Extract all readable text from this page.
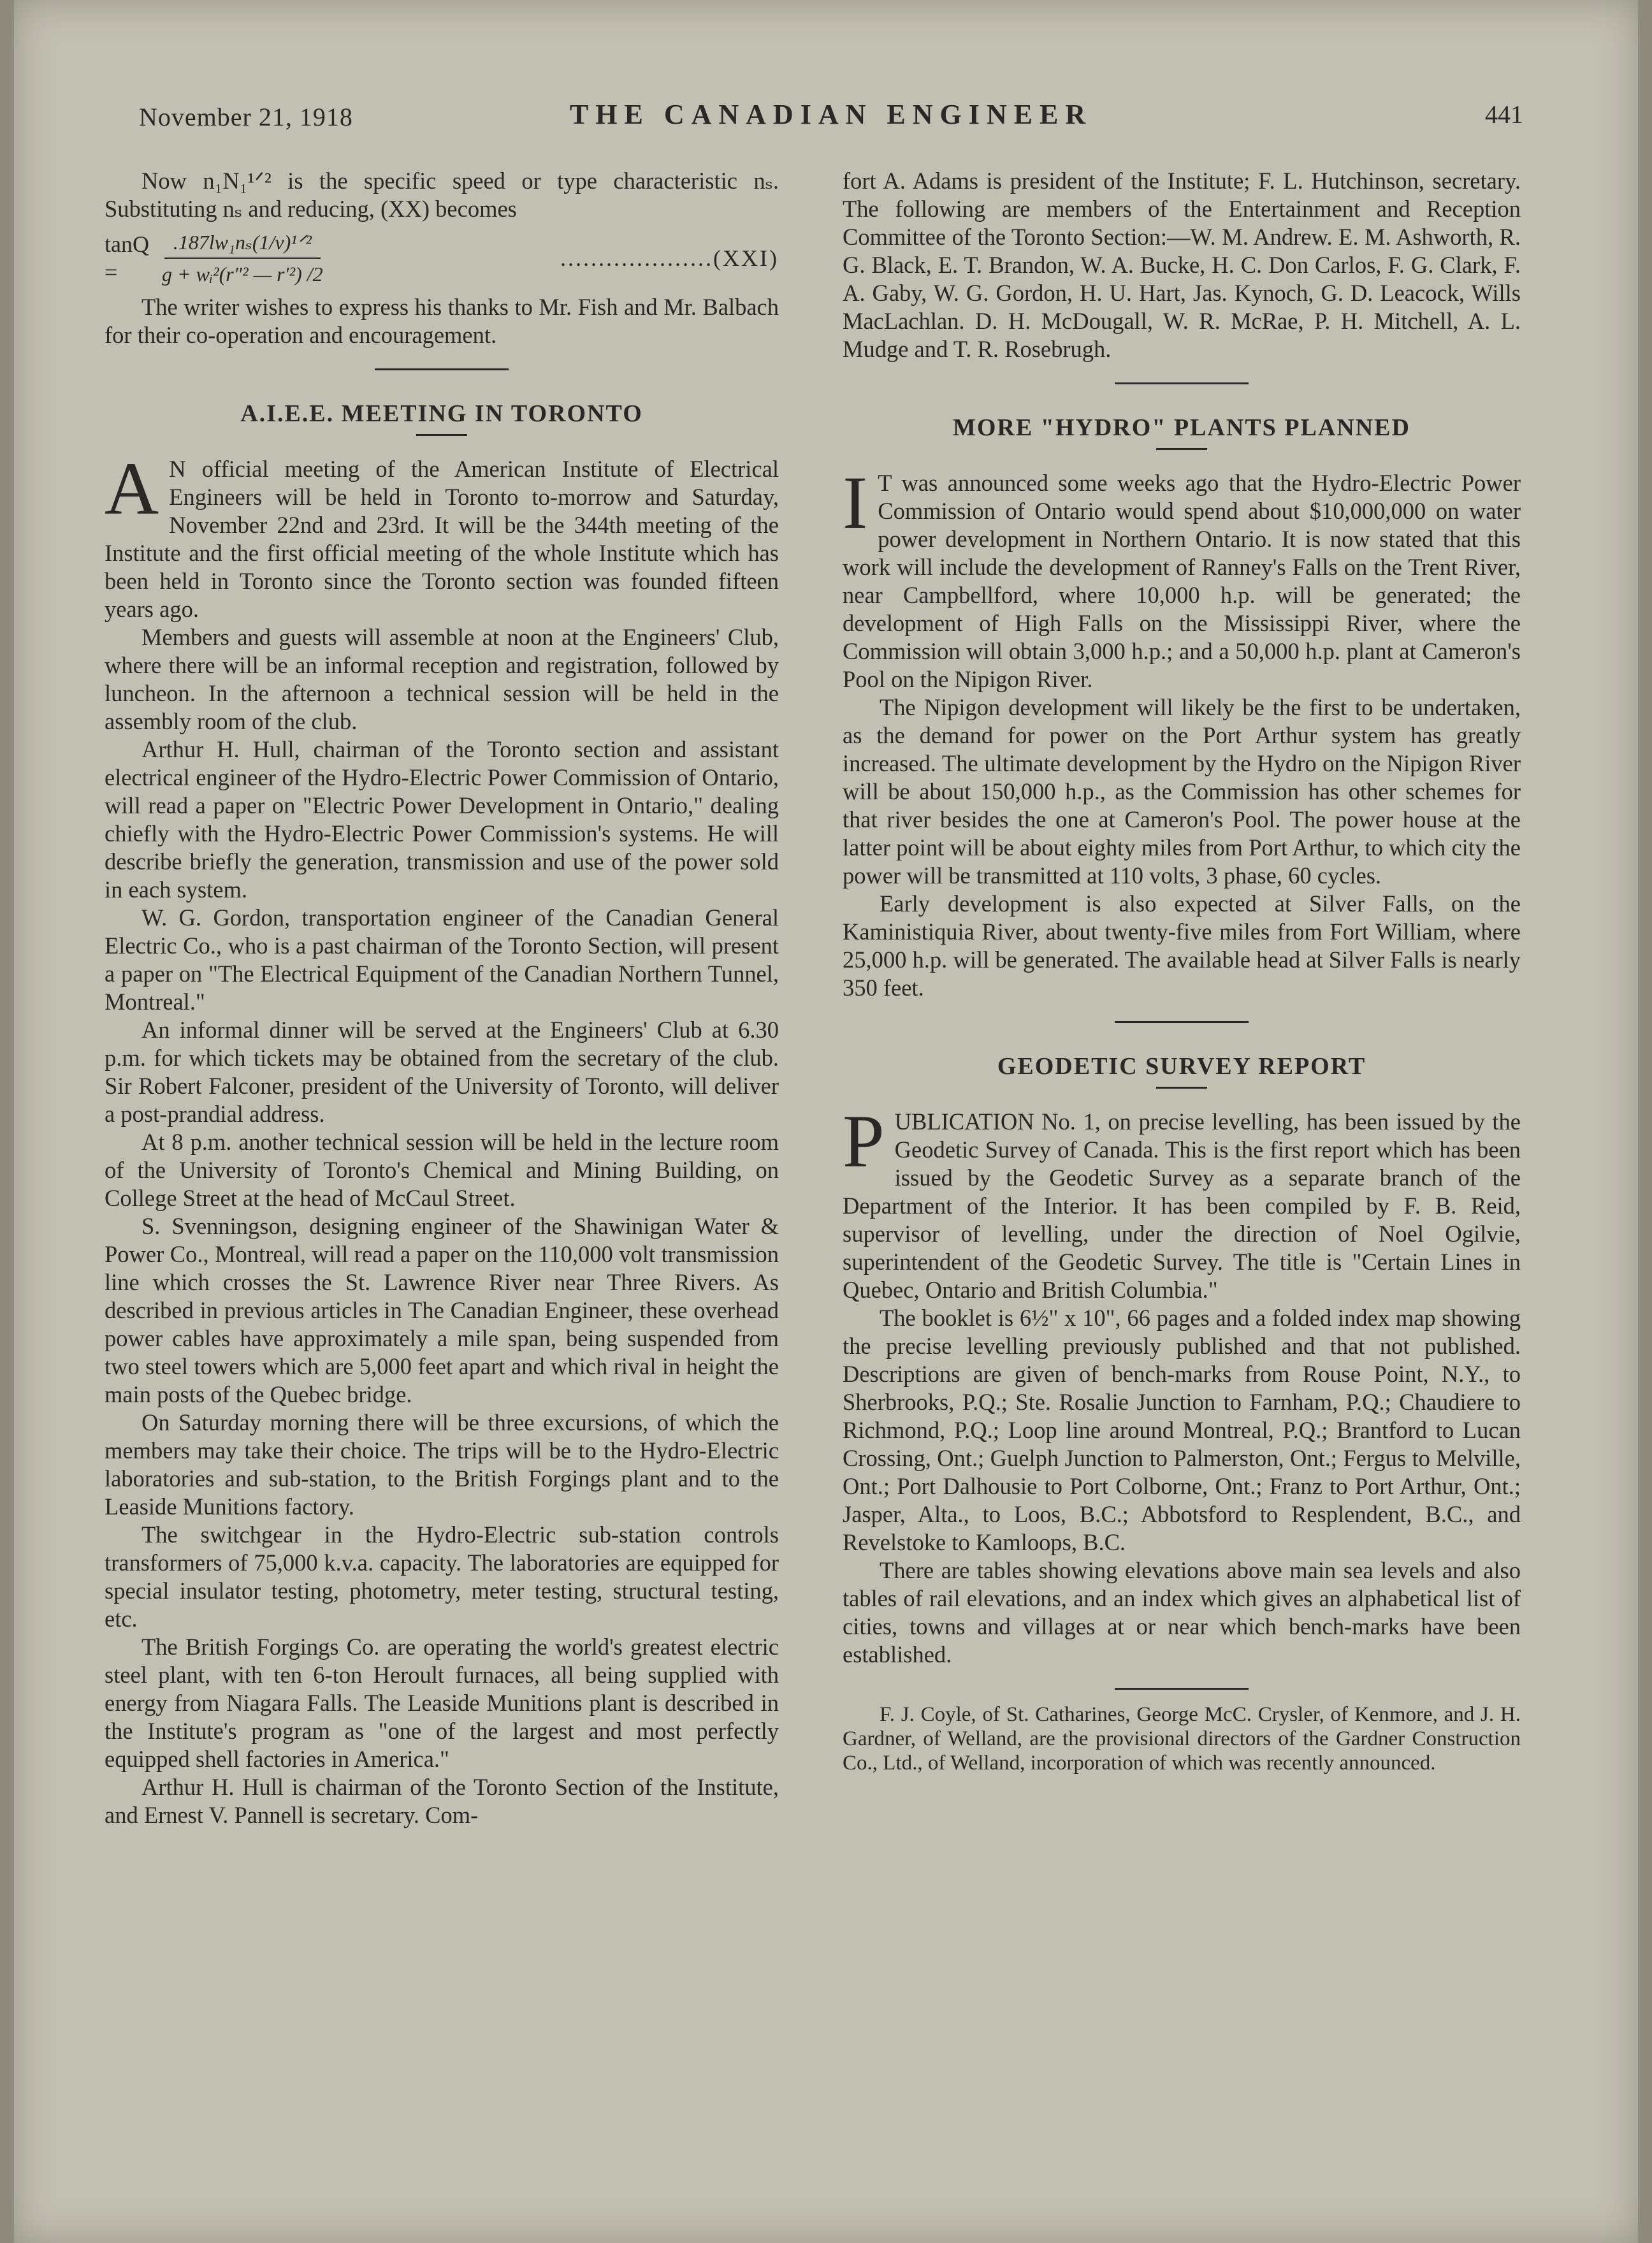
November 21, 1918	THE CANADIAN ENGINEER	441

Now n₁N₁¹ᐟ² is the specific speed or type characteristic nₛ. Substituting nₛ and reducing, (XX) becomes

tanQ =	$\frac{\text{.187lw₁nₛ(1/v)¹ᐟ²}}{\text{g + wᵢ²(r″² — r′²) /2}}$	....................(XXI)

The writer wishes to express his thanks to Mr. Fish and Mr. Balbach for their co-operation and encouragement.

A.I.E.E. MEETING IN TORONTO

AN official meeting of the American Institute of Electrical Engineers will be held in Toronto to-morrow and Saturday, November 22nd and 23rd. It will be the 344th meeting of the Institute and the first official meeting of the whole Institute which has been held in Toronto since the Toronto section was founded fifteen years ago.

Members and guests will assemble at noon at the Engineers' Club, where there will be an informal reception and registration, followed by luncheon. In the afternoon a technical session will be held in the assembly room of the club.

Arthur H. Hull, chairman of the Toronto section and assistant electrical engineer of the Hydro-Electric Power Commission of Ontario, will read a paper on "Electric Power Development in Ontario," dealing chiefly with the Hydro-Electric Power Commission's systems. He will describe briefly the generation, transmission and use of the power sold in each system.

W. G. Gordon, transportation engineer of the Canadian General Electric Co., who is a past chairman of the Toronto Section, will present a paper on "The Electrical Equipment of the Canadian Northern Tunnel, Montreal."

An informal dinner will be served at the Engineers' Club at 6.30 p.m. for which tickets may be obtained from the secretary of the club. Sir Robert Falconer, president of the University of Toronto, will deliver a post-prandial address.

At 8 p.m. another technical session will be held in the lecture room of the University of Toronto's Chemical and Mining Building, on College Street at the head of McCaul Street.

S. Svenningson, designing engineer of the Shawinigan Water & Power Co., Montreal, will read a paper on the 110,000 volt transmission line which crosses the St. Lawrence River near Three Rivers. As described in previous articles in The Canadian Engineer, these overhead power cables have approximately a mile span, being suspended from two steel towers which are 5,000 feet apart and which rival in height the main posts of the Quebec bridge.

On Saturday morning there will be three excursions, of which the members may take their choice. The trips will be to the Hydro-Electric laboratories and sub-station, to the British Forgings plant and to the Leaside Munitions factory.

The switchgear in the Hydro-Electric sub-station controls transformers of 75,000 k.v.a. capacity. The laboratories are equipped for special insulator testing, photometry, meter testing, structural testing, etc.

The British Forgings Co. are operating the world's greatest electric steel plant, with ten 6-ton Heroult furnaces, all being supplied with energy from Niagara Falls. The Leaside Munitions plant is described in the Institute's program as "one of the largest and most perfectly equipped shell factories in America."

Arthur H. Hull is chairman of the Toronto Section of the Institute, and Ernest V. Pannell is secretary. Com-

fort A. Adams is president of the Institute; F. L. Hutchinson, secretary. The following are members of the Entertainment and Reception Committee of the Toronto Section:—W. M. Andrew. E. M. Ashworth, R. G. Black, E. T. Brandon, W. A. Bucke, H. C. Don Carlos, F. G. Clark, F. A. Gaby, W. G. Gordon, H. U. Hart, Jas. Kynoch, G. D. Leacock, Wills MacLachlan. D. H. McDougall, W. R. McRae, P. H. Mitchell, A. L. Mudge and T. R. Rosebrugh.

MORE "HYDRO" PLANTS PLANNED

IT was announced some weeks ago that the Hydro-Electric Power Commission of Ontario would spend about $10,000,000 on water power development in Northern Ontario. It is now stated that this work will include the development of Ranney's Falls on the Trent River, near Campbellford, where 10,000 h.p. will be generated; the development of High Falls on the Mississippi River, where the Commission will obtain 3,000 h.p.; and a 50,000 h.p. plant at Cameron's Pool on the Nipigon River.

The Nipigon development will likely be the first to be undertaken, as the demand for power on the Port Arthur system has greatly increased. The ultimate development by the Hydro on the Nipigon River will be about 150,000 h.p., as the Commission has other schemes for that river besides the one at Cameron's Pool. The power house at the latter point will be about eighty miles from Port Arthur, to which city the power will be transmitted at 110 volts, 3 phase, 60 cycles.

Early development is also expected at Silver Falls, on the Kaministiquia River, about twenty-five miles from Fort William, where 25,000 h.p. will be generated. The available head at Silver Falls is nearly 350 feet.

GEODETIC SURVEY REPORT

PUBLICATION No. 1, on precise levelling, has been issued by the Geodetic Survey of Canada. This is the first report which has been issued by the Geodetic Survey as a separate branch of the Department of the Interior. It has been compiled by F. B. Reid, supervisor of levelling, under the direction of Noel Ogilvie, superintendent of the Geodetic Survey. The title is "Certain Lines in Quebec, Ontario and British Columbia."

The booklet is 6½" x 10", 66 pages and a folded index map showing the precise levelling previously published and that not published. Descriptions are given of bench-marks from Rouse Point, N.Y., to Sherbrooks, P.Q.; Ste. Rosalie Junction to Farnham, P.Q.; Chaudiere to Richmond, P.Q.; Loop line around Montreal, P.Q.; Brantford to Lucan Crossing, Ont.; Guelph Junction to Palmerston, Ont.; Fergus to Melville, Ont.; Port Dalhousie to Port Colborne, Ont.; Franz to Port Arthur, Ont.; Jasper, Alta., to Loos, B.C.; Abbotsford to Resplendent, B.C., and Revelstoke to Kamloops, B.C.

There are tables showing elevations above main sea levels and also tables of rail elevations, and an index which gives an alphabetical list of cities, towns and villages at or near which bench-marks have been established.

F. J. Coyle, of St. Catharines, George McC. Crysler, of Kenmore, and J. H. Gardner, of Welland, are the provisional directors of the Gardner Construction Co., Ltd., of Welland, incorporation of which was recently announced.
